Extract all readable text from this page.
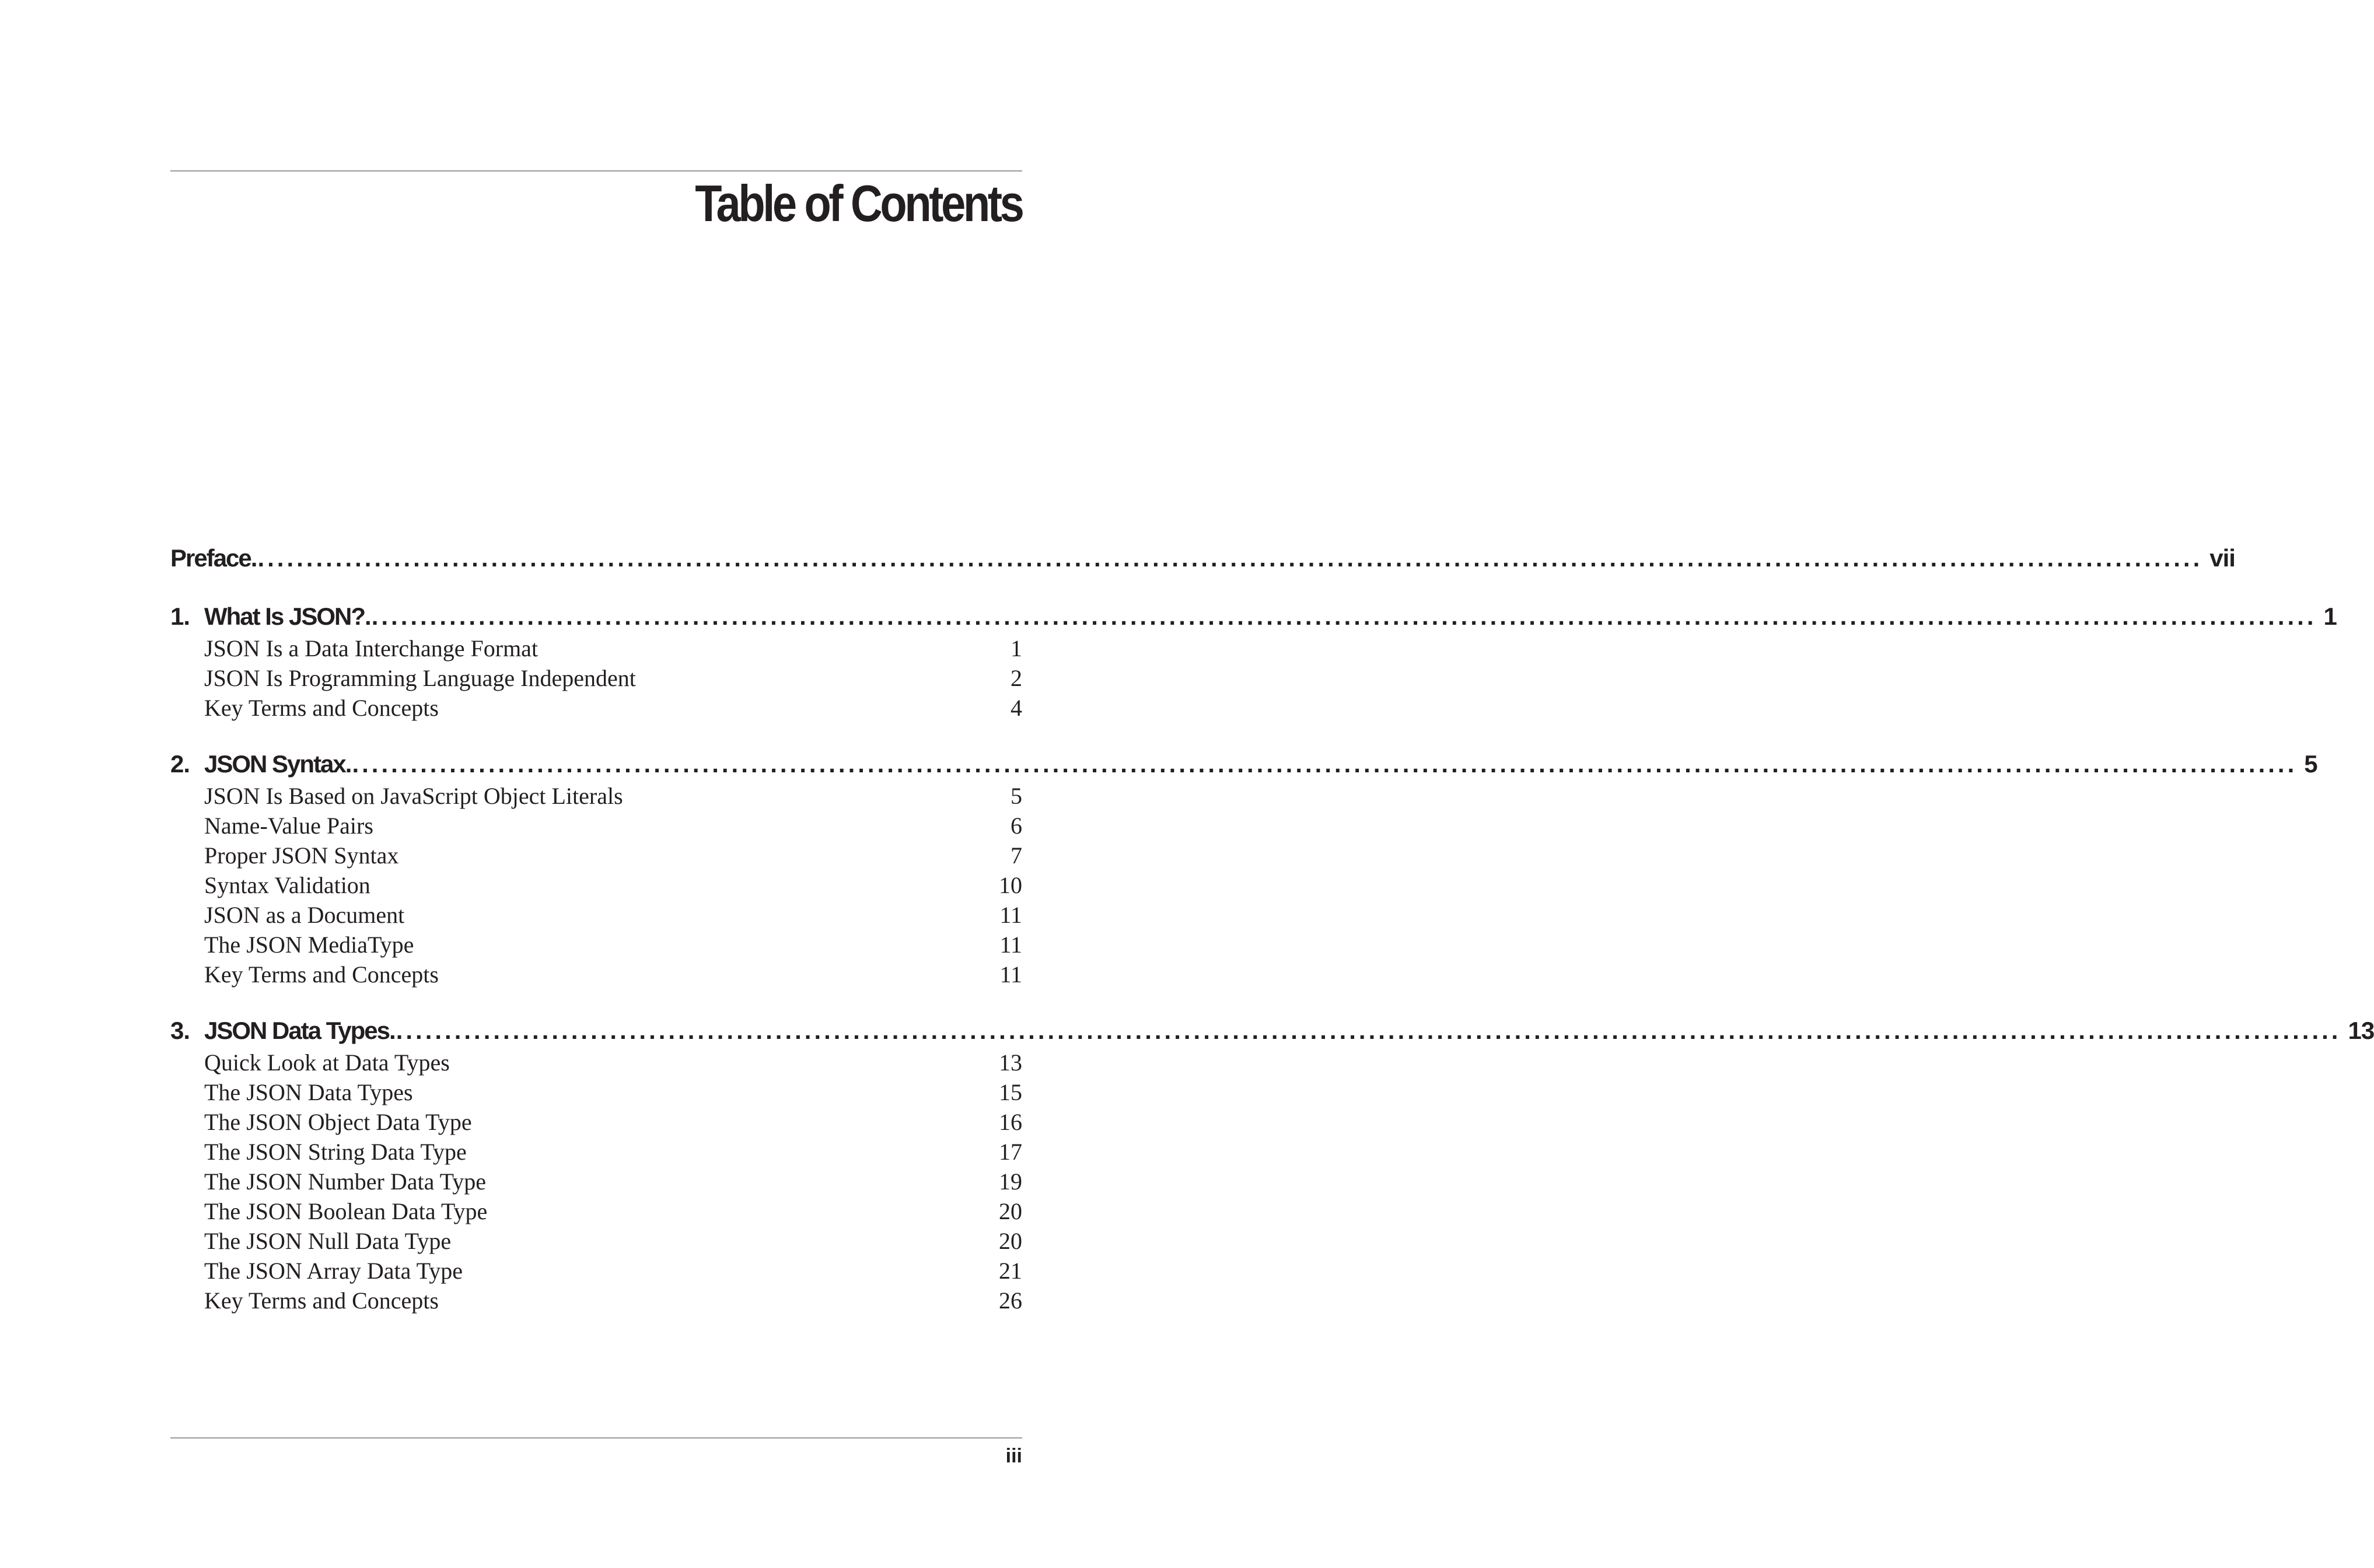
Table of Contents
Preface. ........................................................................................................................................................................................................ vii
1. What Is JSON?. ........................................................................................................................................................................................................ 1
JSON Is a Data Interchange Format	1
JSON Is Programming Language Independent	2
Key Terms and Concepts	4
2. JSON Syntax. ........................................................................................................................................................................................................ 5
JSON Is Based on JavaScript Object Literals	5
Name-Value Pairs	6
Proper JSON Syntax	7
Syntax Validation	10
JSON as a Document	11
The JSON MediaType	11
Key Terms and Concepts	11
3. JSON Data Types. ........................................................................................................................................................................................................ 13
Quick Look at Data Types	13
The JSON Data Types	15
The JSON Object Data Type	16
The JSON String Data Type	17
The JSON Number Data Type	19
The JSON Boolean Data Type	20
The JSON Null Data Type	20
The JSON Array Data Type	21
Key Terms and Concepts	26
iii
